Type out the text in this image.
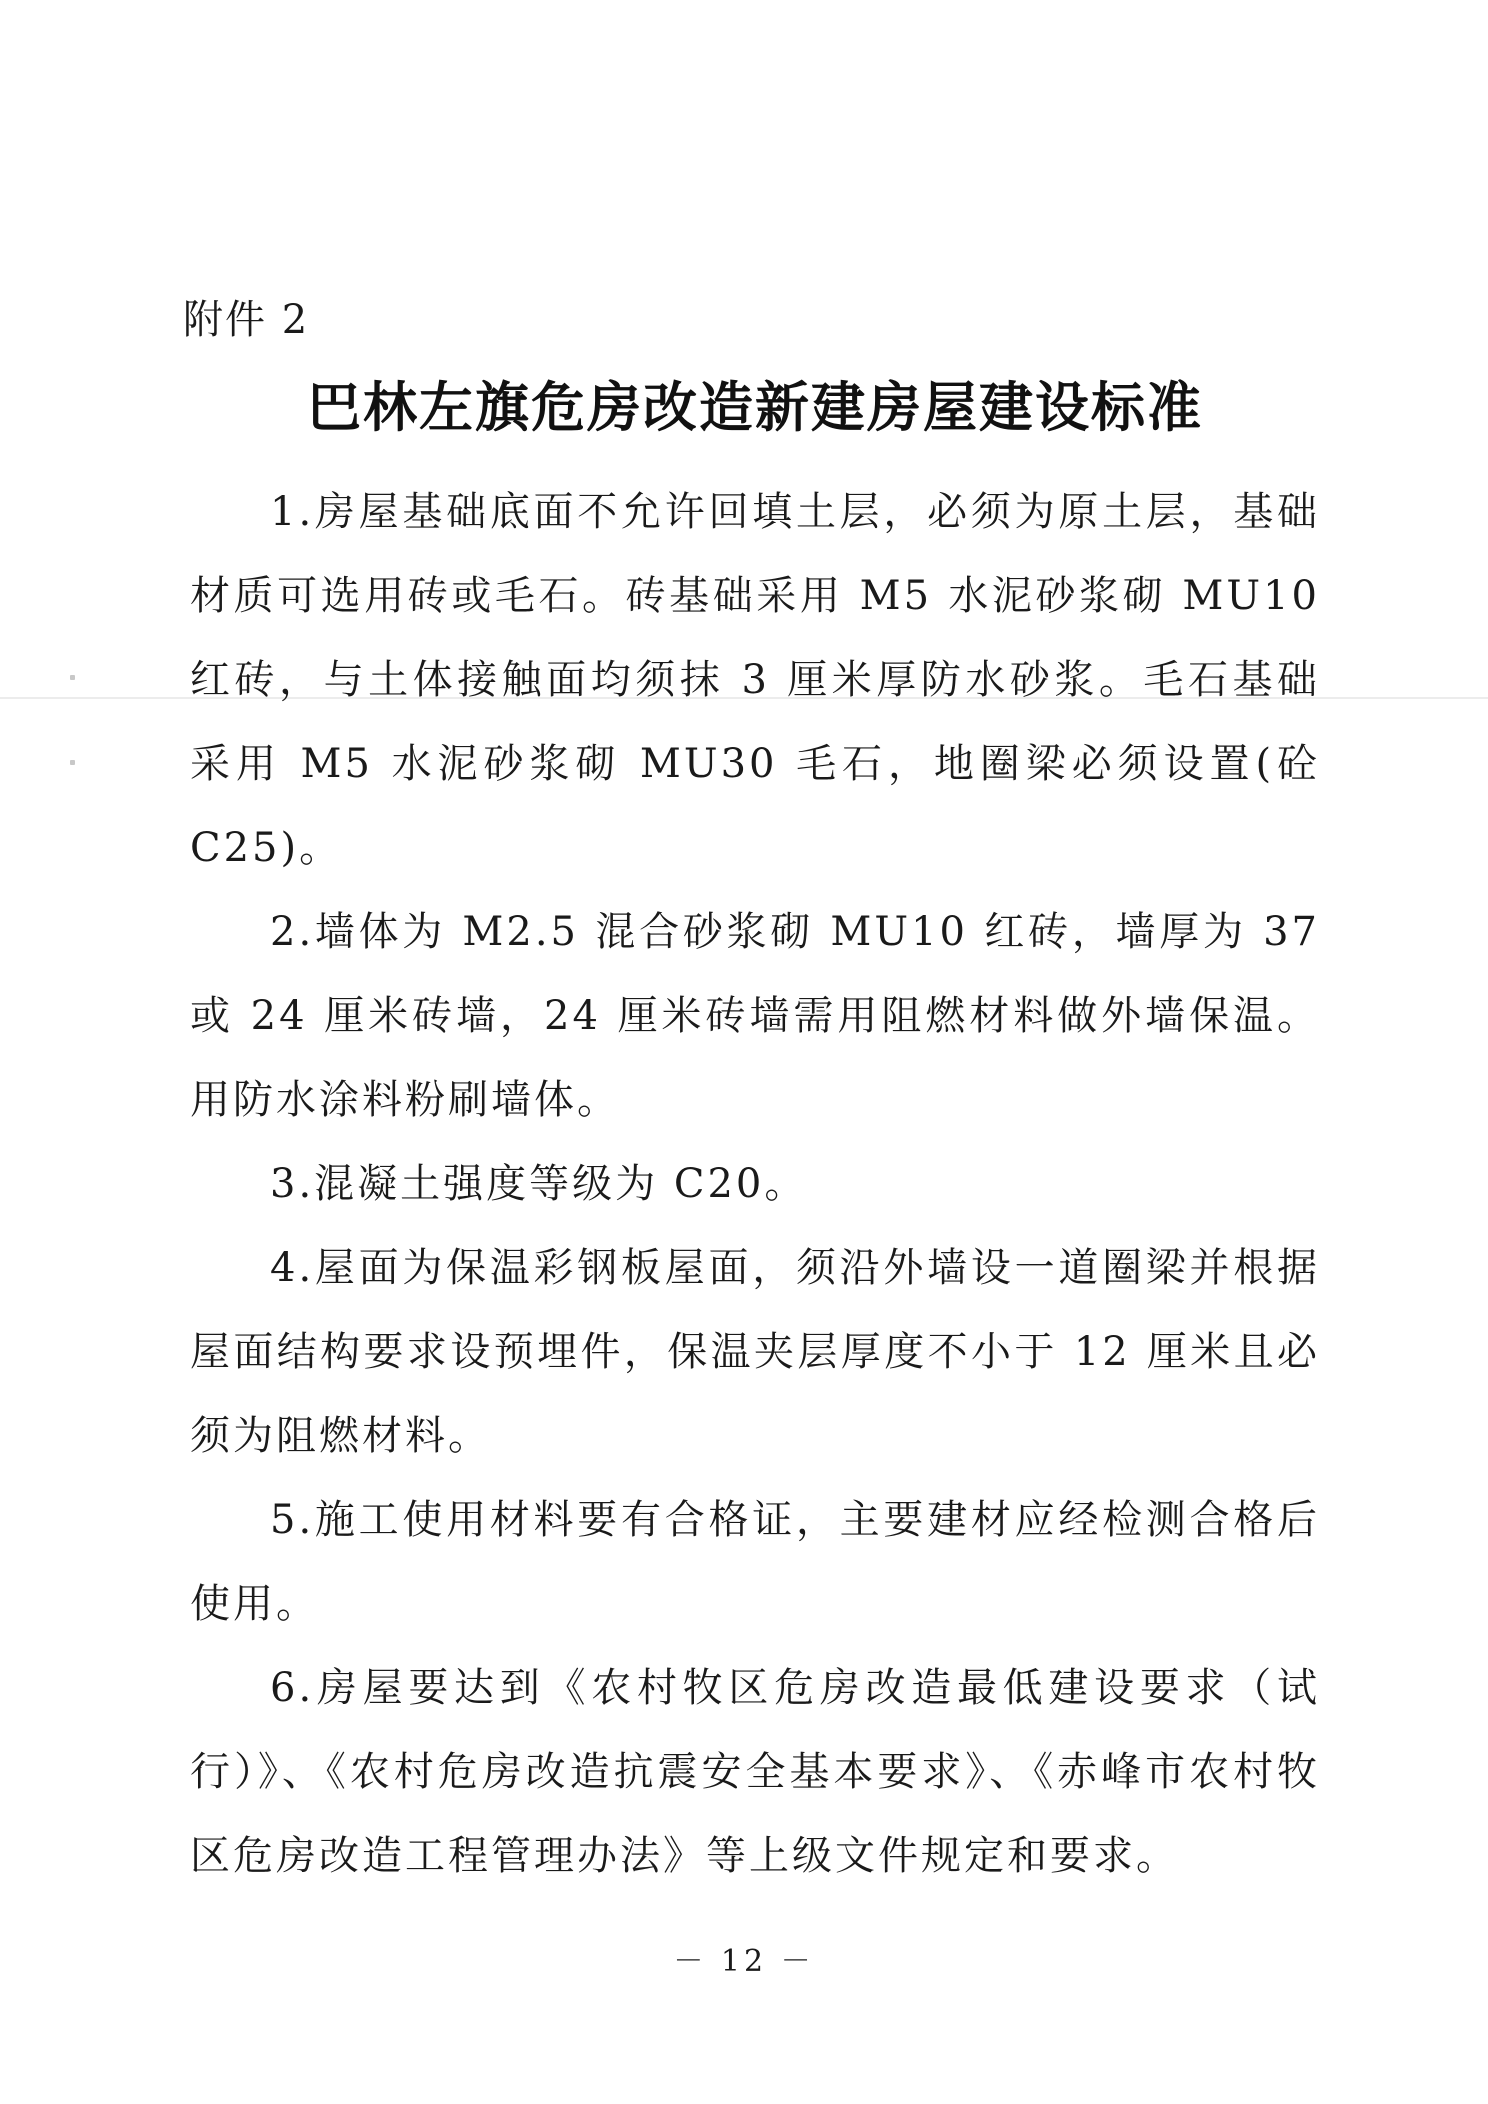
附件 2
巴林左旗危房改造新建房屋建设标准

1.房屋基础底面不允许回填土层，必须为原土层，基础材质可选用砖或毛石。砖基础采用 M5 水泥砂浆砌 MU10 红砖，与土体接触面均须抹 3 厘米厚防水砂浆。毛石基础采用 M5 水泥砂浆砌 MU30 毛石，地圈梁必须设置(砼 C25)。

2.墙体为 M2.5 混合砂浆砌 MU10 红砖，墙厚为 37 或 24 厘米砖墙，24 厘米砖墙需用阻燃材料做外墙保温。用防水涂料粉刷墙体。

3.混凝土强度等级为 C20。

4.屋面为保温彩钢板屋面，须沿外墙设一道圈梁并根据屋面结构要求设预埋件，保温夹层厚度不小于 12 厘米且必须为阻燃材料。

5.施工使用材料要有合格证，主要建材应经检测合格后使用。

6.房屋要达到《农村牧区危房改造最低建设要求（试行）》、《农村危房改造抗震安全基本要求》、《赤峰市农村牧区危房改造工程管理办法》等上级文件规定和要求。

－ 12 －
